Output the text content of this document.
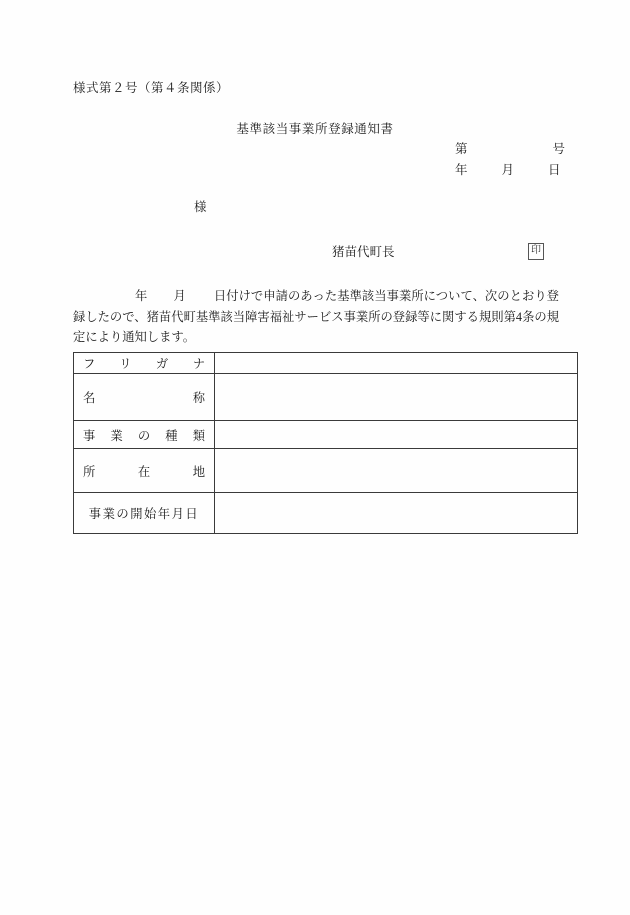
様式第２号（第４条関係）
基準該当事業所登録通知書
第	号
年	月	日
様
猪苗代町長	印
年 月 日付けで申請のあった基準該当事業所について、次のとおり登録したので、猪苗代町基準該当障害福祉サービス事業所の登録等に関する規則第4条の規定により通知します。
フリガナ	

名称	

事業の種類	

所在地	

事業の開始年月日	
